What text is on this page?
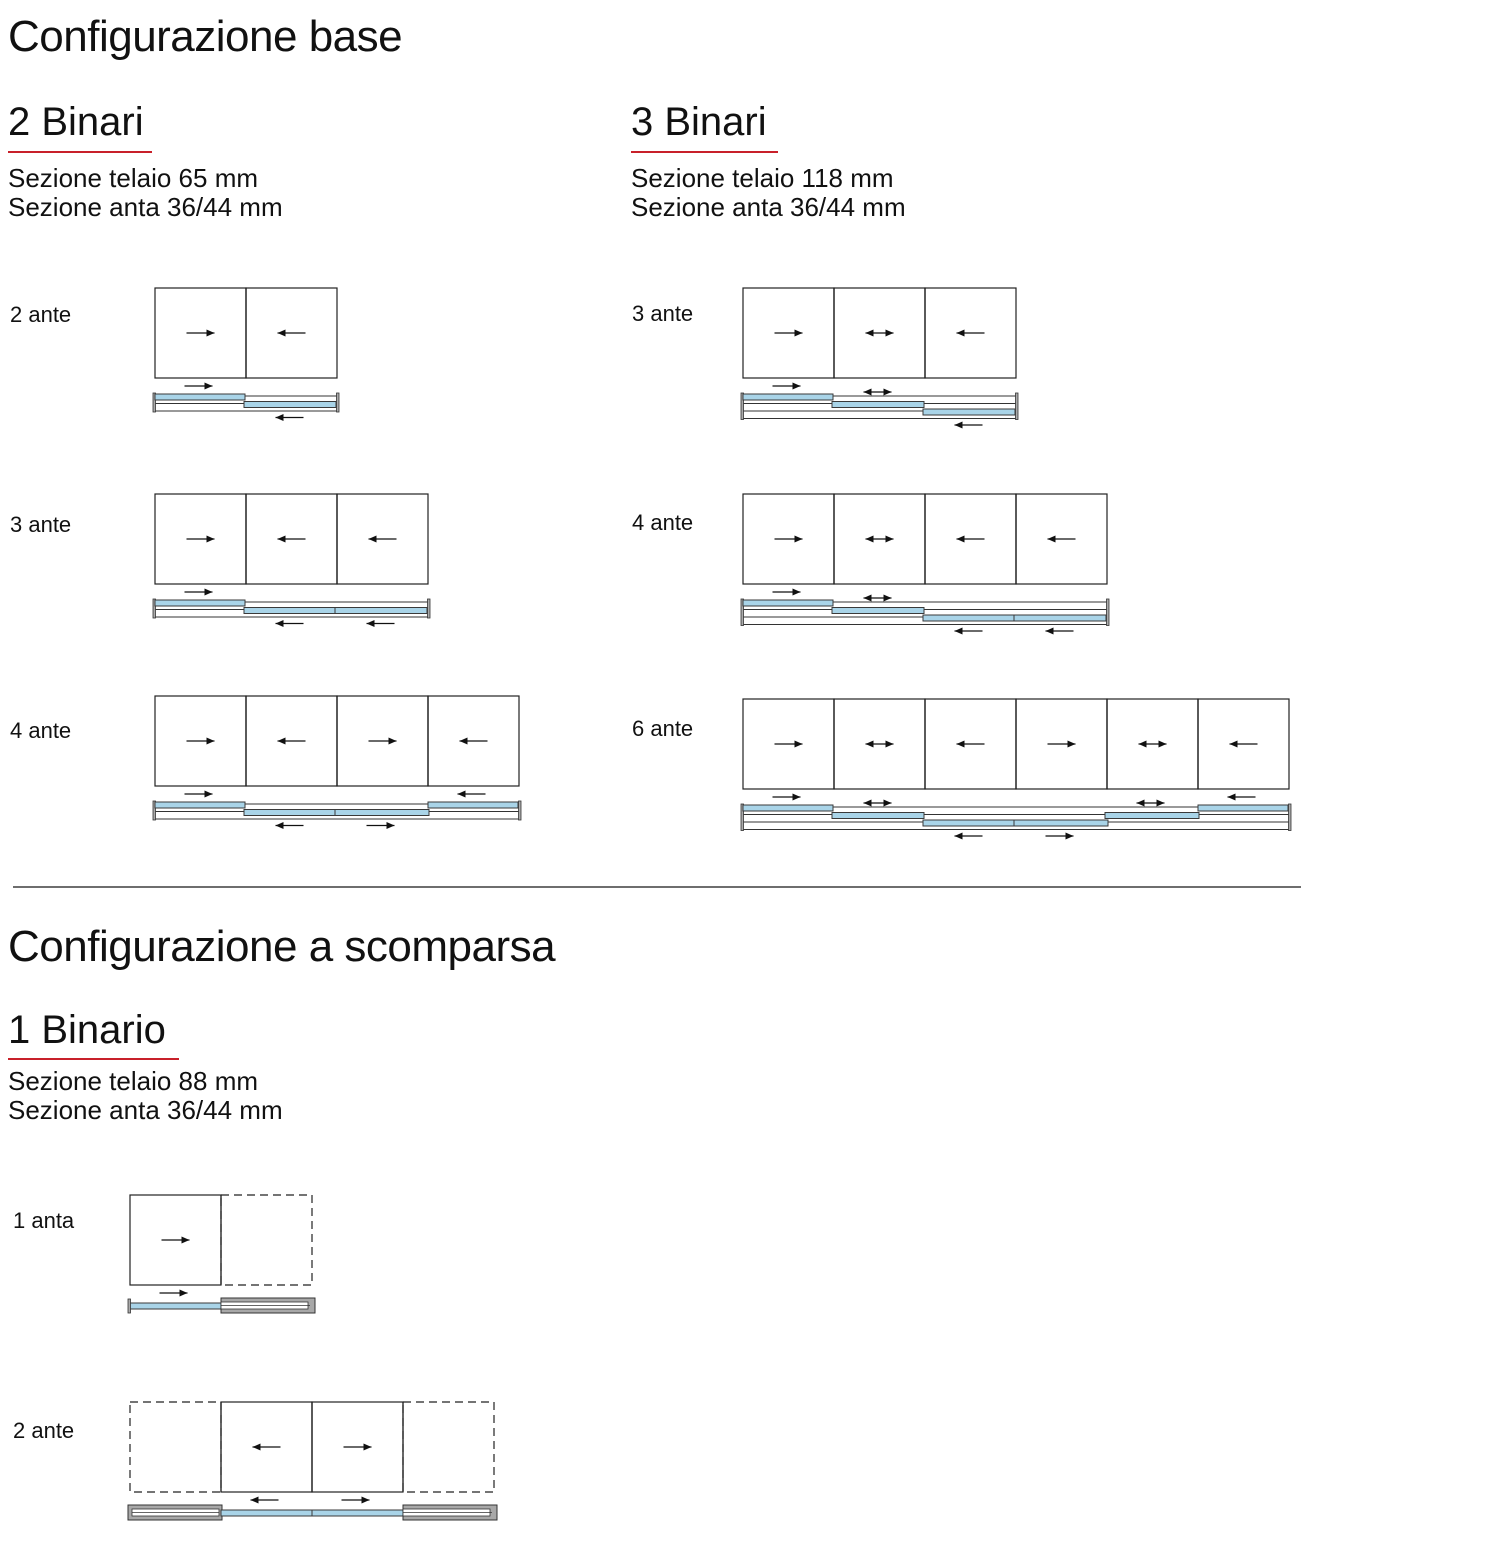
Configurazione base
2 Binari
Sezione telaio 65 mm
Sezione anta 36/44 mm
2 ante
3 ante
4 ante
3 Binari
Sezione telaio 118 mm
Sezione anta 36/44 mm
3 ante
4 ante
6 ante
Configurazione a scomparsa
1 Binario
Sezione telaio 88 mm
Sezione anta 36/44 mm
1 anta
2 ante
